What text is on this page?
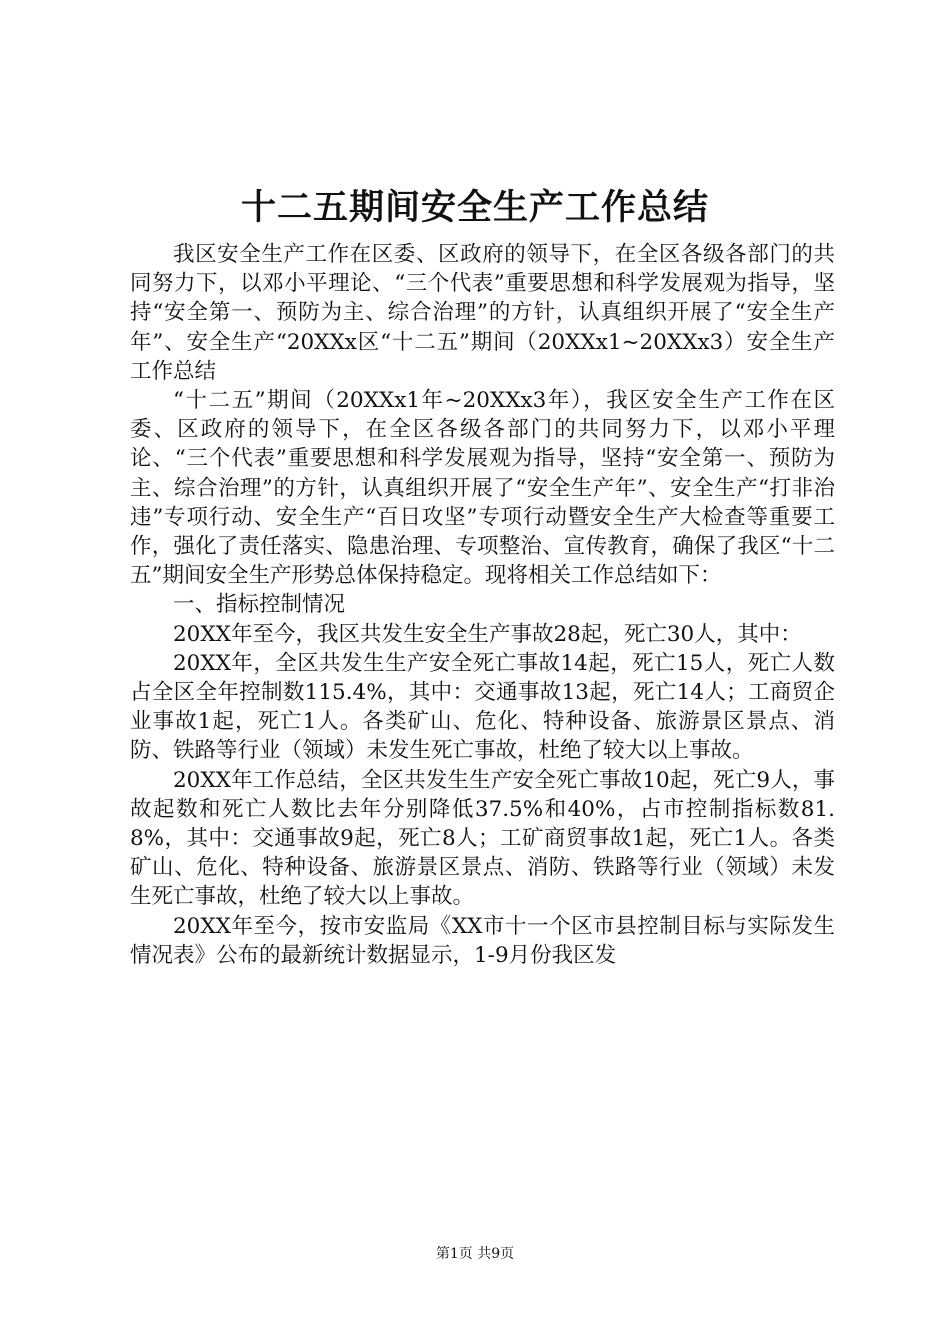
十二五期间安全生产工作总结

我区安全生产工作在区委、区政府的领导下，在全区各级各部门的共同努力下，以邓小平理论、“三个代表”重要思想和科学发展观为指导，坚持“安全第一、预防为主、综合治理”的方针，认真组织开展了“安全生产年”、安全生产“20XXx区“十二五”期间（20XXx1~20XXx3）安全生产工作总结

“十二五”期间（20XXx1年~20XXx3年），我区安全生产工作在区委、区政府的领导下，在全区各级各部门的共同努力下，以邓小平理论、“三个代表”重要思想和科学发展观为指导，坚持“安全第一、预防为主、综合治理”的方针，认真组织开展了“安全生产年”、安全生产“打非治违”专项行动、安全生产“百日攻坚”专项行动暨安全生产大检查等重要工作，强化了责任落实、隐患治理、专项整治、宣传教育，确保了我区“十二五”期间安全生产形势总体保持稳定。现将相关工作总结如下：

一、指标控制情况

20XX年至今，我区共发生安全生产事故28起，死亡30人，其中：

20XX年，全区共发生生产安全死亡事故14起，死亡15人，死亡人数占全区全年控制数115.4%，其中：交通事故13起，死亡14人；工商贸企业事故1起，死亡1人。各类矿山、危化、特种设备、旅游景区景点、消防、铁路等行业（领域）未发生死亡事故，杜绝了较大以上事故。

20XX年工作总结，全区共发生生产安全死亡事故10起，死亡9人，事故起数和死亡人数比去年分别降低37.5%和40%，占市控制指标数81.8%，其中：交通事故9起，死亡8人；工矿商贸事故1起，死亡1人。各类矿山、危化、特种设备、旅游景区景点、消防、铁路等行业（领域）未发生死亡事故，杜绝了较大以上事故。

20XX年至今，按市安监局《XX市十一个区市县控制目标与实际发生情况表》公布的最新统计数据显示，1-9月份我区发

第1页 共9页
